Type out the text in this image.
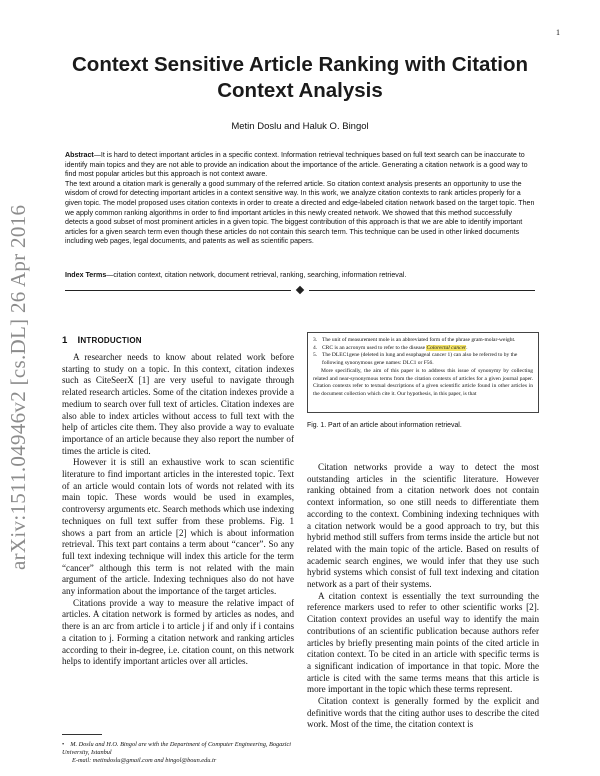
1
arXiv:1511.04946v2 [cs.DL] 26 Apr 2016
Context Sensitive Article Ranking with Citation Context Analysis
Metin Doslu and Haluk O. Bingol

Abstract—It is hard to detect important articles in a specific context. Information retrieval techniques based on full text search can be inaccurate to identify main topics and they are not able to provide an indication about the importance of the article. Generating a citation network is a good way to find most popular articles but this approach is not context aware.

The text around a citation mark is generally a good summary of the referred article. So citation context analysis presents an opportunity to use the wisdom of crowd for detecting important articles in a context sensitive way. In this work, we analyze citation contexts to rank articles properly for a given topic. The model proposed uses citation contexts in order to create a directed and edge-labeled citation network based on the target topic. Then we apply common ranking algorithms in order to find important articles in this newly created network. We showed that this method successfully detects a good subset of most prominent articles in a given topic. The biggest contribution of this approach is that we are able to identify important articles for a given search term even though these articles do not contain this search term. This technique can be used in other linked documents including web pages, legal documents, and patents as well as scientific papers.

Index Terms—citation context, citation network, document retrieval, ranking, searching, information retrieval.
1 INTRODUCTION

A researcher needs to know about related work before starting to study on a topic. In this context, citation indexes such as CiteSeerX [1] are very useful to navigate through related research articles. Some of the citation indexes provide a medium to search over full text of articles. Citation indexes are also able to index articles without access to full text with the help of articles cite them. They also provide a way to evaluate importance of an article because they also report the number of times the article is cited.

However it is still an exhaustive work to scan scientific literature to find important articles in the interested topic. Text of an article would contain lots of words not related with its main topic. These words would be used in examples, controversy arguments etc. Search methods which use indexing techniques on full text suffer from these problems. Fig. 1 shows a part from an article [2] which is about information retrieval. This text part contains a term about “cancer”. So any full text indexing technique will index this article for the term “cancer” although this term is not related with the main argument of the article. Indexing techniques also do not have any information about the importance of the target articles.

Citations provide a way to measure the relative impact of articles. A citation network is formed by articles as nodes, and there is an arc from article i to article j if and only if i contains a citation to j. Forming a citation network and ranking articles according to their in-degree, i.e. citation count, on this network helps to identify important articles over all articles.

• M. Doslu and H.O. Bingol are with the Department of Computer Engineering, Bogazici University, Istanbul
E-mail: metindoslu@gmail.com and bingol@boun.edu.tr
3. The unit of measurement mole is an abbreviated form of the phrase gram-molar-weight.
4. CRC is an acronym used to refer to the disease Colorectal cancer.
5. The DLEC1gene (deleted in lung and esophageal cancer 1) can also be referred to by the following synonymous gene names: DLC1 or F56.
More specifically, the aim of this paper is to address this issue of synonymy by collecting related and near-synonymous terms from the citation contexts of articles for a given journal paper. Citation contexts refer to textual descriptions of a given scientific article found in other articles in the document collection which cite it. Our hypothesis, in this paper, is that
Fig. 1. Part of an article about information retrieval.

Citation networks provide a way to detect the most outstanding articles in the scientific literature. However ranking obtained from a citation network does not contain context information, so one still needs to differentiate them according to the context. Combining indexing techniques with a citation network would be a good approach to try, but this hybrid method still suffers from terms inside the article but not related with the main topic of the article. Based on results of academic search engines, we would infer that they use such hybrid systems which consist of full text indexing and citation network as a part of their systems.

A citation context is essentially the text surrounding the reference markers used to refer to other scientific works [2]. Citation context provides an useful way to identify the main contributions of an scientific publication because authors refer articles by briefly presenting main points of the cited article in citation context. To be cited in an article with specific terms is a significant indication of importance in that topic. More the article is cited with the same terms means that this article is more important in the topic which these terms represent.

Citation context is generally formed by the explicit and definitive words that the citing author uses to describe the cited work. Most of the time, the citation context is
